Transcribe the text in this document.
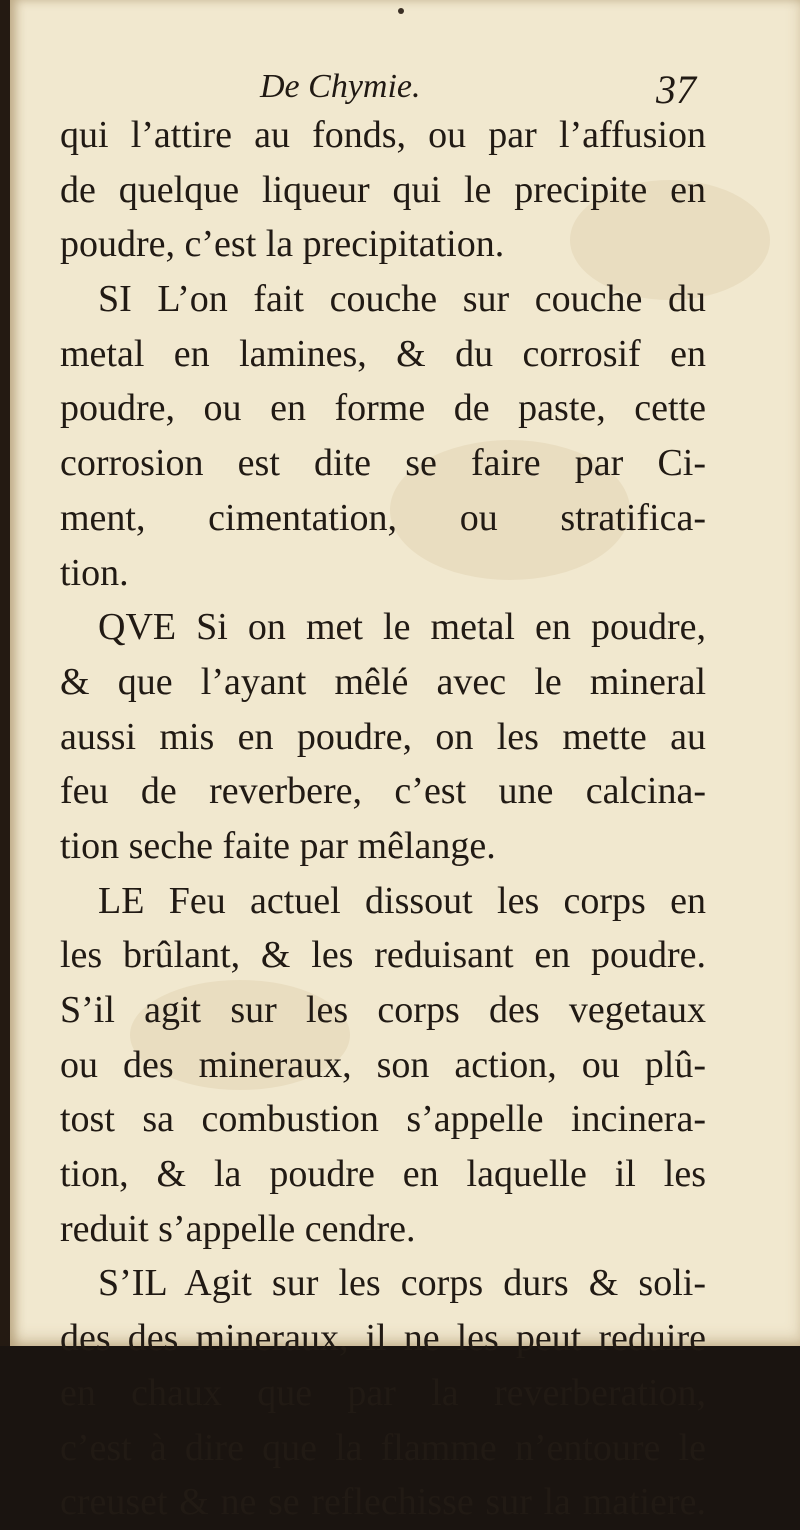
De Chymie.	37
qui l’attire au fonds, ou par l’affusion
de quelque liqueur qui le precipite en
poudre, c’est la precipitation.
SI L’on fait couche sur couche du
metal en lamines, & du corrosif en
poudre, ou en forme de paste, cette
corrosion est dite se faire par Ci-
ment, cimentation, ou stratifica-
tion.
QVE Si on met le metal en poudre,
& que l’ayant mêlé avec le mineral
aussi mis en poudre, on les mette au
feu de reverbere, c’est une calcina-
tion seche faite par mêlange.
LE Feu actuel dissout les corps en
les brûlant, & les reduisant en poudre.
S’il agit sur les corps des vegetaux
ou des mineraux, son action, ou plû-
tost sa combustion s’appelle incinera-
tion, & la poudre en laquelle il les
reduit s’appelle cendre.
S’IL Agit sur les corps durs & soli-
des des mineraux, il ne les peut reduire
en chaux que par la reverberation,
c’est à dire que la flamme n’entoure le
creuset & ne se reflechisse sur la matiere.
